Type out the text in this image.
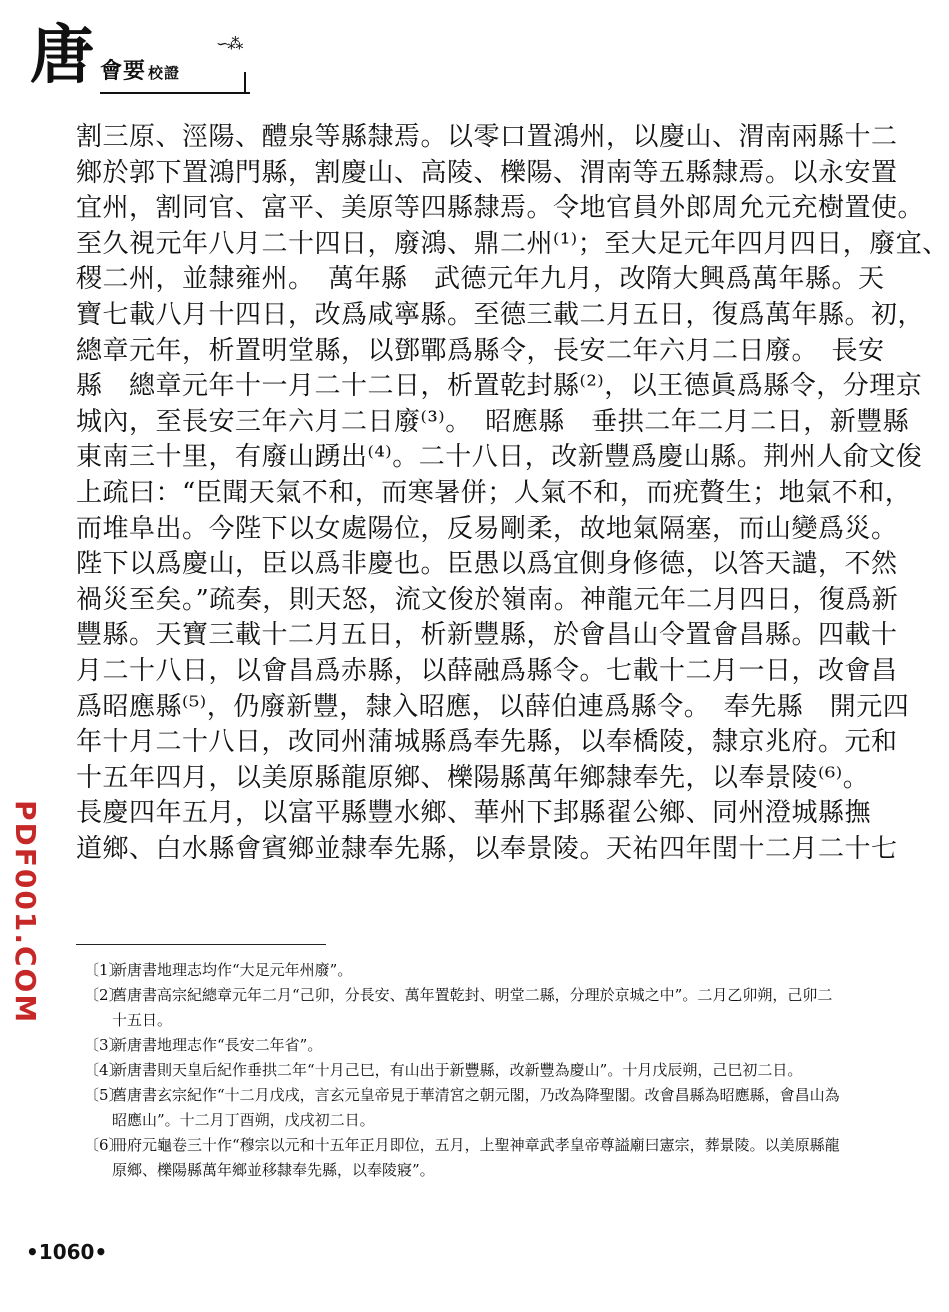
唐	∽⁂
會要 校證
割三原、涇陽、醴泉等縣隸焉。以零口置鴻州，以慶山、渭南兩縣十二
鄉於郭下置鴻門縣，割慶山、高陵、櫟陽、渭南等五縣隸焉。以永安置
宜州，割同官、富平、美原等四縣隸焉。令地官員外郎周允元充樹置使。
至久視元年八月二十四日，廢鴻、鼎二州⁽¹⁾；至大足元年四月四日，廢宜、
稷二州，並隸雍州。　萬年縣　武德元年九月，改隋大興爲萬年縣。天
寶七載八月十四日，改爲咸寧縣。至德三載二月五日，復爲萬年縣。初，
總章元年，析置明堂縣，以鄧鄲爲縣令，長安二年六月二日廢。　長安
縣　總章元年十一月二十二日，析置乾封縣⁽²⁾，以王德眞爲縣令，分理京
城內，至長安三年六月二日廢⁽³⁾。　昭應縣　垂拱二年二月二日，新豐縣
東南三十里，有廢山踴出⁽⁴⁾。二十八日，改新豐爲慶山縣。荆州人俞文俊
上疏曰：“臣聞天氣不和，而寒暑併；人氣不和，而疣贅生；地氣不和，
而堆阜出。今陛下以女處陽位，反易剛柔，故地氣隔塞，而山變爲災。
陛下以爲慶山，臣以爲非慶也。臣愚以爲宜側身修德，以答天譴，不然
禍災至矣。”疏奏，則天怒，流文俊於嶺南。神龍元年二月四日，復爲新
豐縣。天寶三載十二月五日，析新豐縣，於會昌山令置會昌縣。四載十
月二十八日，以會昌爲赤縣，以薛融爲縣令。七載十二月一日，改會昌
爲昭應縣⁽⁵⁾，仍廢新豐，隸入昭應，以薛伯連爲縣令。　奉先縣　開元四
年十月二十八日，改同州蒲城縣爲奉先縣，以奉橋陵，隸京兆府。元和
十五年四月，以美原縣龍原鄉、櫟陽縣萬年鄉隸奉先，以奉景陵⁽⁶⁾。
長慶四年五月，以富平縣豐水鄉、華州下邽縣翟公鄉、同州澄城縣撫
道鄉、白水縣會賓鄉並隸奉先縣，以奉景陵。天祐四年閏十二月二十七
〔1〕新唐書地理志均作“大足元年州廢”。
〔2〕舊唐書高宗紀總章元年二月“己卯，分長安、萬年置乾封、明堂二縣，分理於京城之中”。二月乙卯朔，己卯二十五日。
〔3〕新唐書地理志作“長安二年省”。
〔4〕新唐書則天皇后紀作垂拱二年“十月己巳，有山出于新豐縣，改新豐為慶山”。十月戊辰朔，己巳初二日。
〔5〕舊唐書玄宗紀作“十二月戊戌，言玄元皇帝見于華清宮之朝元閣，乃改為降聖閣。改會昌縣為昭應縣，會昌山為昭應山”。十二月丁酉朔，戊戌初二日。
〔6〕冊府元龜卷三十作“穆宗以元和十五年正月即位，五月，上聖神章武孝皇帝尊謚廟曰憲宗，葬景陵。以美原縣龍原鄉、櫟陽縣萬年鄉並移隸奉先縣，以奉陵寢”。
PDF001.COM
•1060•
